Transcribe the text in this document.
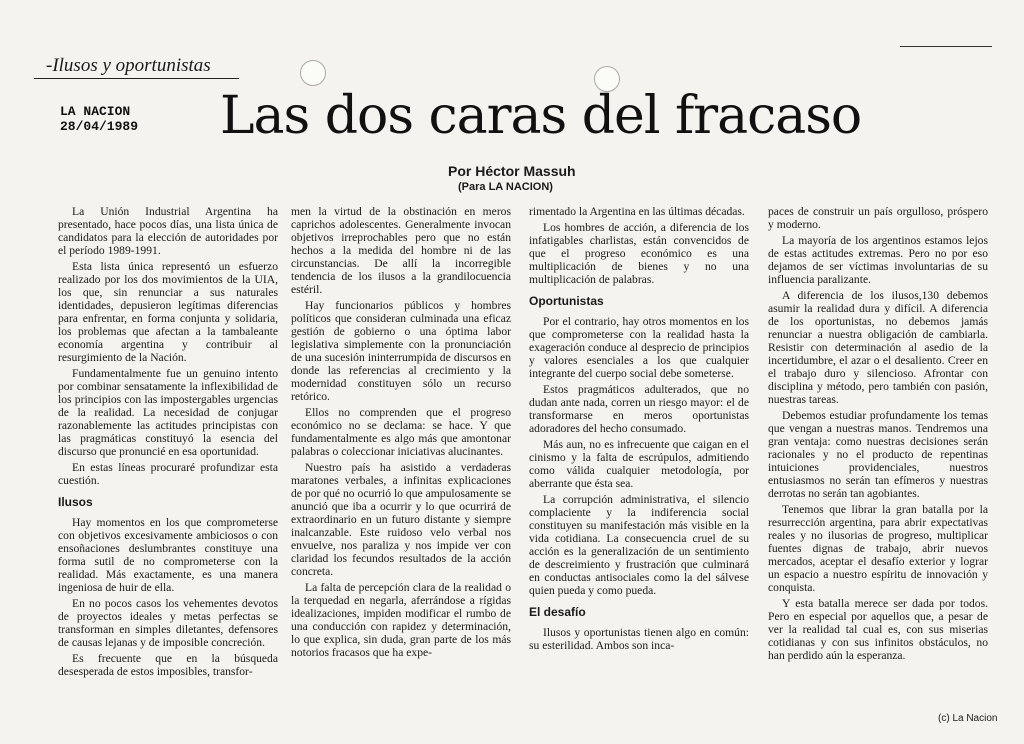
-Ilusos y oportunistas
LA NACION
28/04/1989 Las dos caras del fracaso
Por Héctor Massuh
(Para LA NACION)

La Unión Industrial Argentina ha presentado, hace pocos días, una lista única de candidatos para la elección de autoridades por el período 1989-1991.

Esta lista única representó un esfuerzo realizado por los dos movimientos de la UIA, los que, sin renunciar a sus naturales identidades, depusieron legítimas diferencias para enfrentar, en forma conjunta y solidaria, los problemas que afectan a la tambaleante economía argentina y contribuir al resurgimiento de la Nación.

Fundamentalmente fue un genuino intento por combinar sensatamente la inflexibilidad de los principios con las impostergables urgencias de la realidad. La necesidad de conjugar razonablemente las actitudes principistas con las pragmáticas constituyó la esencia del discurso que pronuncié en esa oportunidad.

En estas líneas procuraré profundizar esta cuestión.

Ilusos

Hay momentos en los que comprometerse con objetivos excesivamente ambiciosos o con ensoñaciones deslumbrantes constituye una forma sutil de no comprometerse con la realidad. Más exactamente, es una manera ingeniosa de huir de ella.

En no pocos casos los vehementes devotos de proyectos ideales y metas perfectas se transforman en simples diletantes, defensores de causas lejanas y de imposible concreción.

Es frecuente que en la búsqueda desesperada de estos imposibles, transfor-

men la virtud de la obstinación en meros caprichos adolescentes. Generalmente invocan objetivos irreprochables pero que no están hechos a la medida del hombre ni de las circunstancias. De allí la incorregible tendencia de los ilusos a la grandilocuencia estéril.

Hay funcionarios públicos y hombres políticos que consideran culminada una eficaz gestión de gobierno o una óptima labor legislativa simplemente con la pronunciación de una sucesión ininterrumpida de discursos en donde las referencias al crecimiento y la modernidad constituyen sólo un recurso retórico.

Ellos no comprenden que el progreso económico no se declama: se hace. Y que fundamentalmente es algo más que amontonar palabras o coleccionar iniciativas alucinantes.

Nuestro país ha asistido a verdaderas maratones verbales, a infinitas explicaciones de por qué no ocurrió lo que ampulosamente se anunció que iba a ocurrir y lo que ocurrirá de extraordinario en un futuro distante y siempre inalcanzable. Este ruidoso velo verbal nos envuelve, nos paraliza y nos impide ver con claridad los fecundos resultados de la acción concreta.

La falta de percepción clara de la realidad o la terquedad en negarla, aferrándose a rígidas idealizaciones, impiden modificar el rumbo de una conducción con rapidez y determinación, lo que explica, sin duda, gran parte de los más notorios fracasos que ha expe-

rimentado la Argentina en las últimas décadas.

Los hombres de acción, a diferencia de los infatigables charlistas, están convencidos de que el progreso económico es una multiplicación de bienes y no una multiplicación de palabras.

Oportunistas

Por el contrario, hay otros momentos en los que comprometerse con la realidad hasta la exageración conduce al desprecio de principios y valores esenciales a los que cualquier integrante del cuerpo social debe someterse.

Estos pragmáticos adulterados, que no dudan ante nada, corren un riesgo mayor: el de transformarse en meros oportunistas adoradores del hecho consumado.

Más aun, no es infrecuente que caigan en el cinismo y la falta de escrúpulos, admitiendo como válida cualquier metodología, por aberrante que ésta sea.

La corrupción administrativa, el silencio complaciente y la indiferencia social constituyen su manifestación más visible en la vida cotidiana. La consecuencia cruel de su acción es la generalización de un sentimiento de descreimiento y frustración que culminará en conductas antisociales como la del sálvese quien pueda y como pueda.

El desafío

Ilusos y oportunistas tienen algo en común: su esterilidad. Ambos son inca-

paces de construir un país orgulloso, próspero y moderno.

La mayoría de los argentinos estamos lejos de estas actitudes extremas. Pero no por eso dejamos de ser víctimas involuntarias de su influencia paralizante.

A diferencia de los ilusos,130 debemos asumir la realidad dura y difícil. A diferencia de los oportunistas, no debemos jamás renunciar a nuestra obligación de cambiarla. Resistir con determinación al asedio de la incertidumbre, el azar o el desaliento. Creer en el trabajo duro y silencioso. Afrontar con disciplina y método, pero también con pasión, nuestras tareas.

Debemos estudiar profundamente los temas que vengan a nuestras manos. Tendremos una gran ventaja: como nuestras decisiones serán racionales y no el producto de repentinas intuiciones providenciales, nuestros entusiasmos no serán tan efímeros y nuestras derrotas no serán tan agobiantes.

Tenemos que librar la gran batalla por la resurrección argentina, para abrir expectativas reales y no ilusorias de progreso, multiplicar fuentes dignas de trabajo, abrir nuevos mercados, aceptar el desafío exterior y lograr un espacio a nuestro espíritu de innovación y conquista.

Y esta batalla merece ser dada por todos. Pero en especial por aquellos que, a pesar de ver la realidad tal cual es, con sus miserias cotidianas y con sus infinitos obstáculos, no han perdido aún la esperanza.

(c) La Nacion
